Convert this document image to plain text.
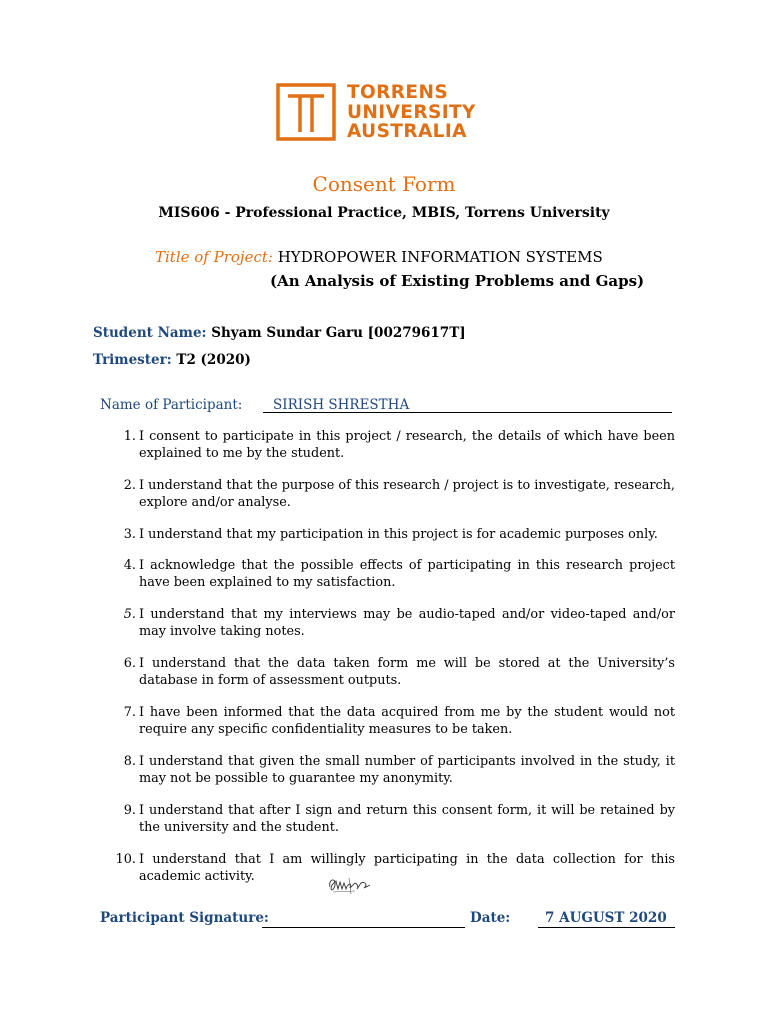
TORRENS
UNIVERSITY
AUSTRALIA
Consent Form
MIS606 - Professional Practice, MBIS, Torrens University
Title of Project: HYDROPOWER INFORMATION SYSTEMS
(An Analysis of Existing Problems and Gaps)
Student Name: Shyam Sundar Garu [00279617T]
Trimester: T2 (2020)
Name of Participant: SIRISH SHRESTHA
1. I consent to participate in this project / research, the details of which have been explained to me by the student.
2. I understand that the purpose of this research / project is to investigate, research, explore and/or analyse.
3. I understand that my participation in this project is for academic purposes only.
4. I acknowledge that the possible effects of participating in this research project have been explained to my satisfaction.
5. I understand that my interviews may be audio-taped and/or video-taped and/or may involve taking notes.
6. I understand that the data taken form me will be stored at the University’s database in form of assessment outputs.
7. I have been informed that the data acquired from me by the student would not require any specific confidentiality measures to be taken.
8. I understand that given the small number of participants involved in the study, it may not be possible to guarantee my anonymity.
9. I understand that after I sign and return this consent form, it will be retained by the university and the student.
10. I understand that I am willingly participating in the data collection for this academic activity.
Participant Signature:	Date:	7 AUGUST 2020
